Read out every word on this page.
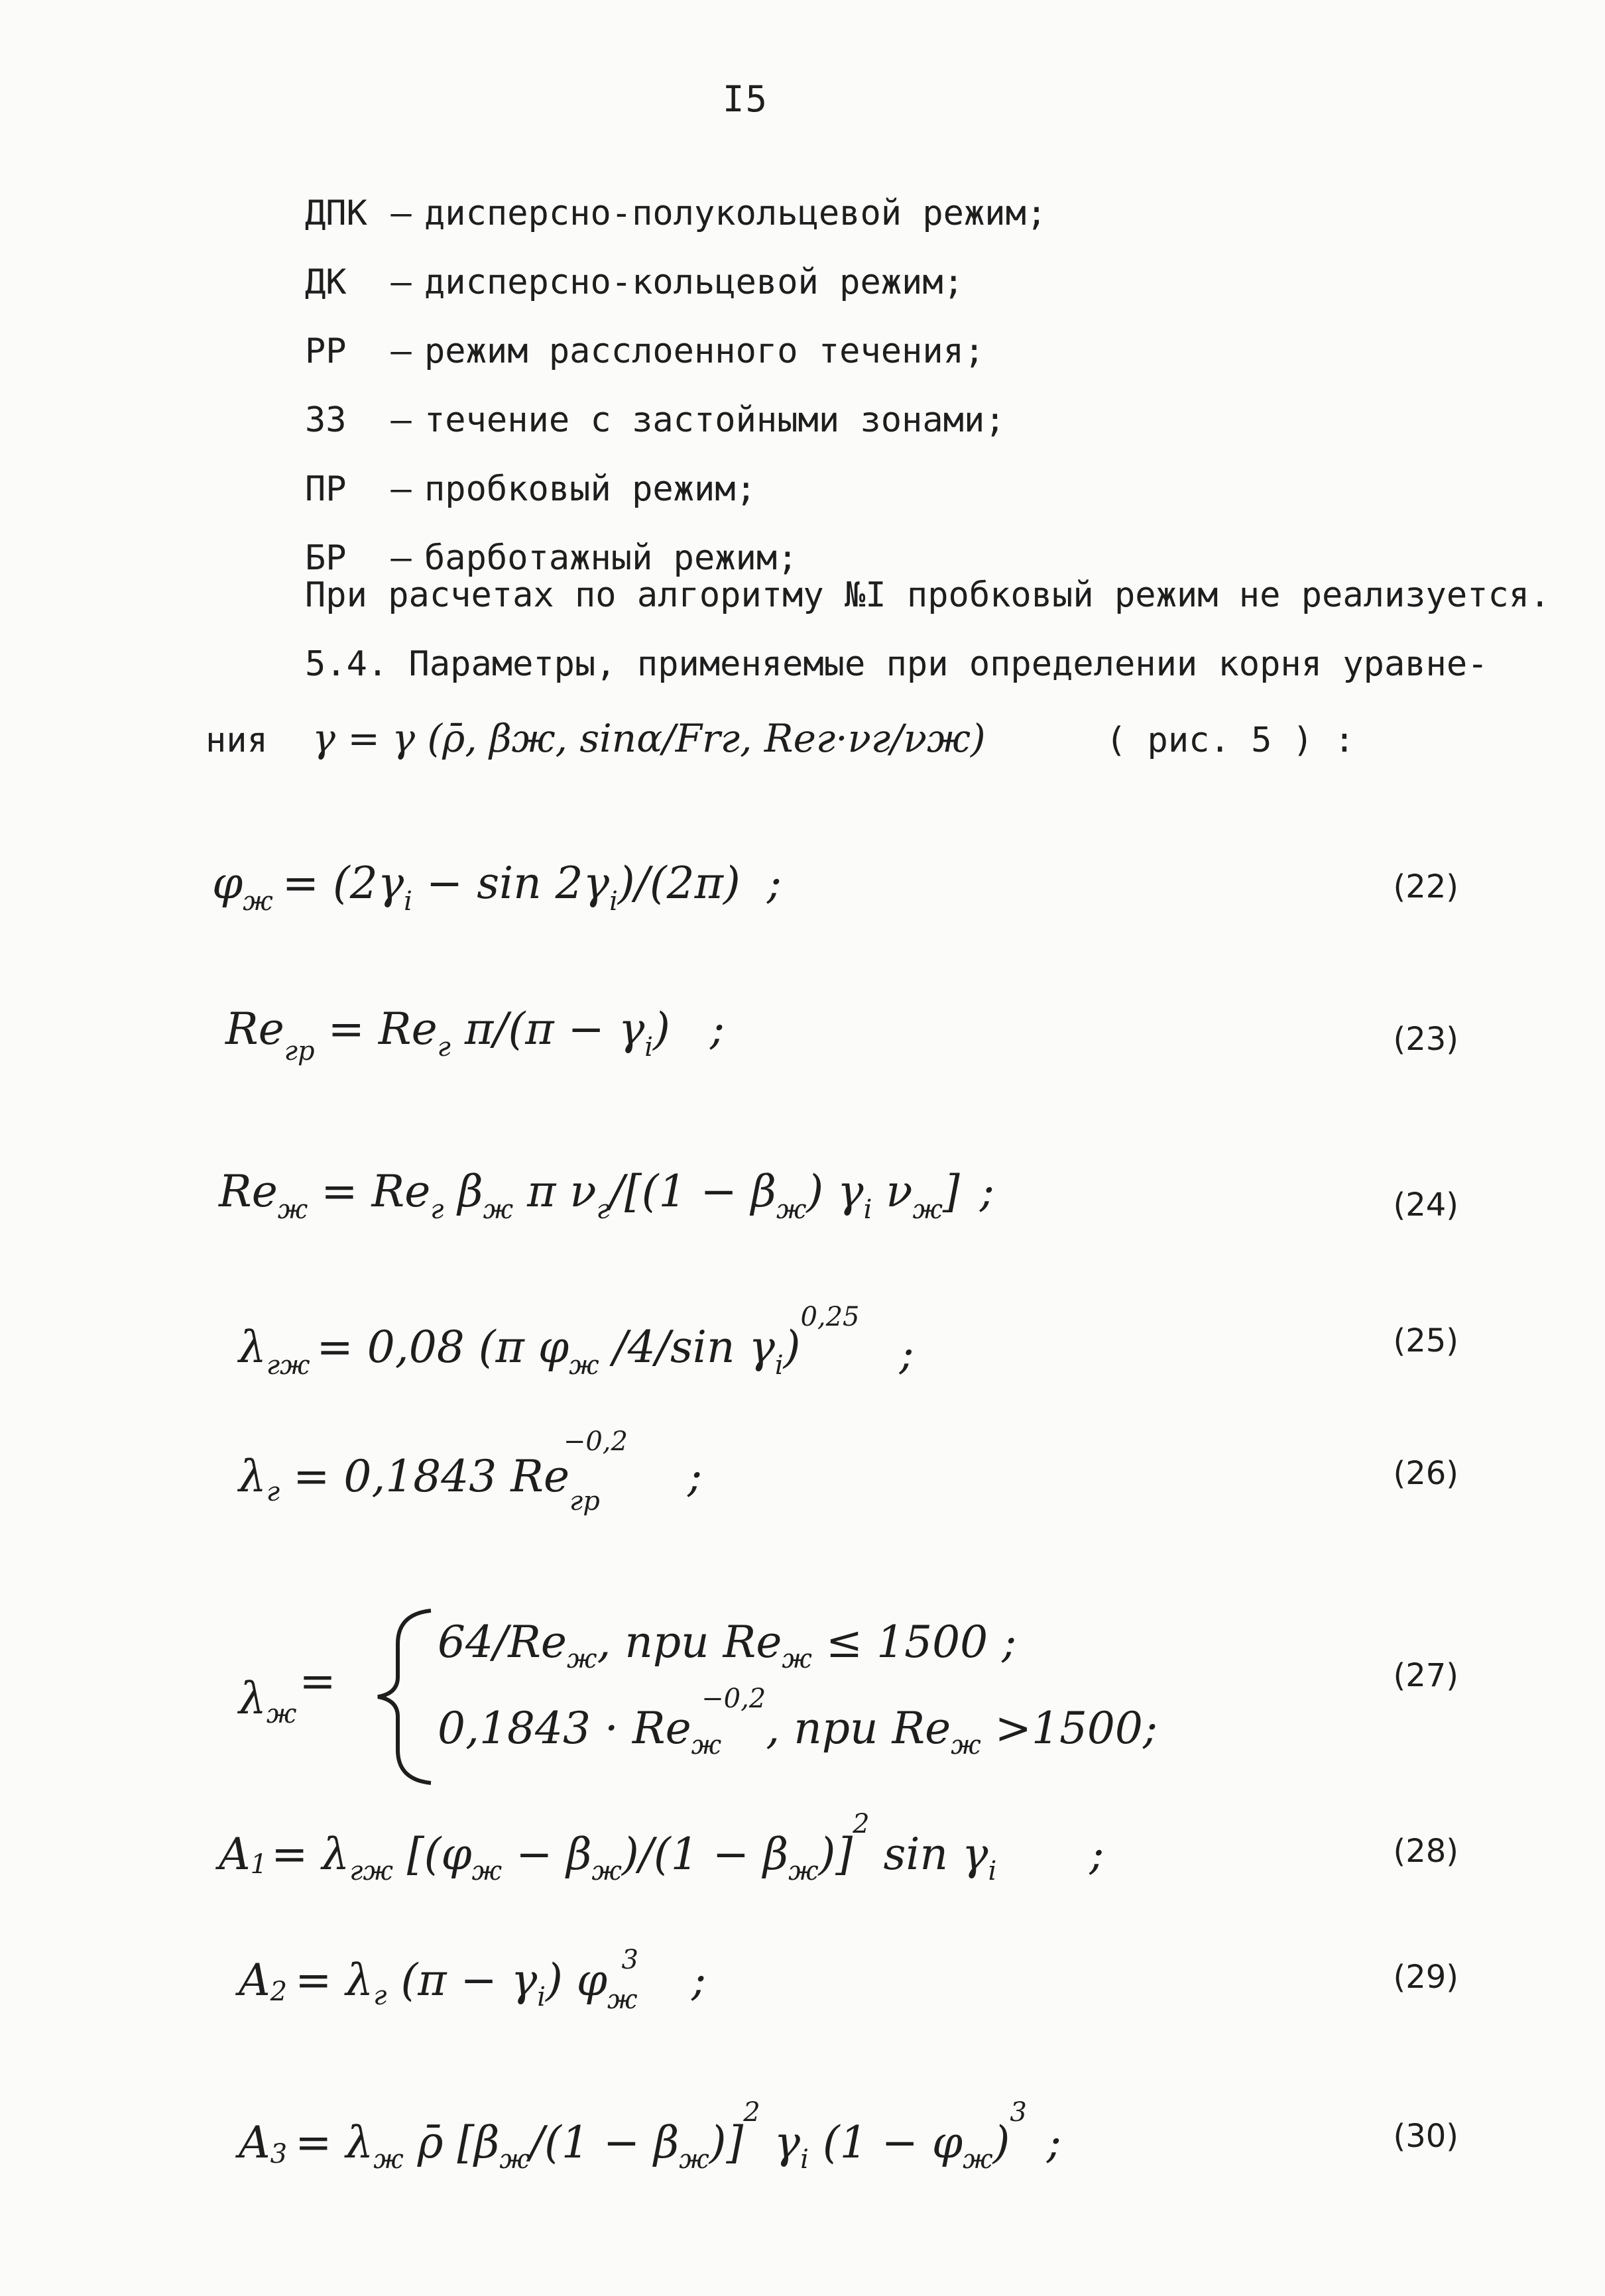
I5
ДПК – дисперсно-полукольцевой режим;
ДК	– дисперсно-кольцевой режим;
РР	– режим расслоенного течения;
ЗЗ	– течение с застойными зонами;
ПР	– пробковый режим;
БР	– барботажный режим;
При расчетах по алгоритму №I пробковый режим не реализуется.
5.4. Параметры, применяемые при определении корня уравне-
ния γ = γ (ρ̄, βж, sinα/Frг, Reг·νг/νж)	( рис. 5 ) :
$\varphi_ж = (2\gamma_i - \sin 2\gamma_i)/(2\pi)$ ;	(22)
$Re_{гр} = Re_г$ $\pi/(\pi - \gamma_i)$ ;	(23)
$Re_ж = Re_г$ $\beta_ж$ π $\nu_г/[(1 - \beta_ж)$ $\gamma_i$ $\nu_ж$] ;	(24)
$\lambda_{гж} = 0,08$ (π $\varphi_ж$ /4/sin $\gamma_i)^{0,25}$;	(25)
$\lambda_г = 0,1843$ $Re_{гр}-0,2$;	(26)
$\lambda_ж=$
$64/Re_ж$, при $Re_ж \le 1500$ ;
$0,1843 \cdot Re_ж-0,2$, при $Re_ж >1500$;
(27)
$A1= \lambda_{гж}$ $[(\varphi_ж - \beta_ж)/(1 - \beta_ж)]^2$ $\sin \gamma_i$ ;	(28)
$A2 = \lambda_г$ $(\pi - \gamma_i)$ $\varphi_ж3$ ;	(29)
$A3 = \lambda_ж$ ρ̄ $[\beta_ж/(1 - \beta_ж)]^2$ $\gamma_i$ $(1 - \varphi_ж)^3$;	(30)
